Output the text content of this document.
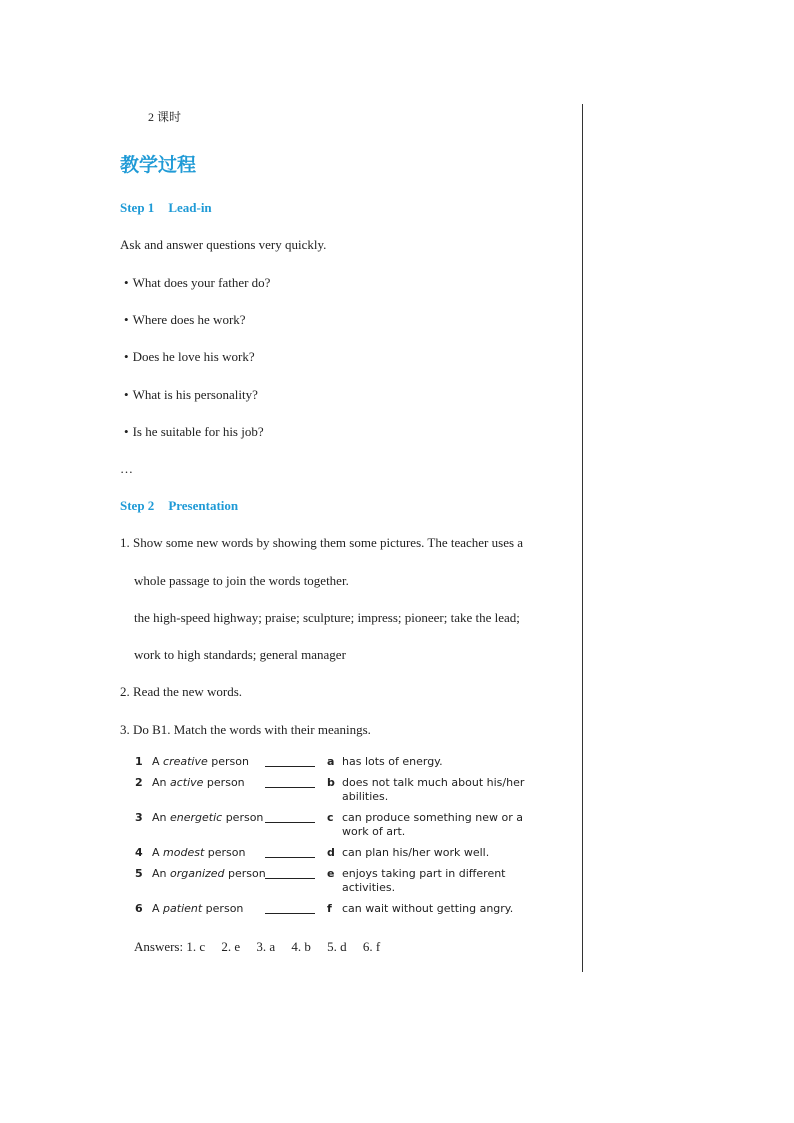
2 课时
教学过程
Step 1 Lead-in
Ask and answer questions very quickly.
• What does your father do?
• Where does he work?
• Does he love his work?
• What is his personality?
• Is he suitable for his job?
…
Step 2 Presentation
1. Show some new words by showing them some pictures. The teacher uses a
whole passage to join the words together.
the high-speed highway; praise; sculpture; impress; pioneer; take the lead;
work to high standards; general manager
2. Read the new words.
3. Do B1. Match the words with their meanings.
1 A creative person	a has lots of energy.
2 An active person	b does not talk much about his/her abilities.
3 An energetic person	c can produce something new or a work of art.
4 A modest person	d can plan his/her work well.
5 An organized person	e enjoys taking part in different activities.
6 A patient person	f can wait without getting angry.
Answers: 1. c     2. e     3. a     4. b     5. d     6. f
